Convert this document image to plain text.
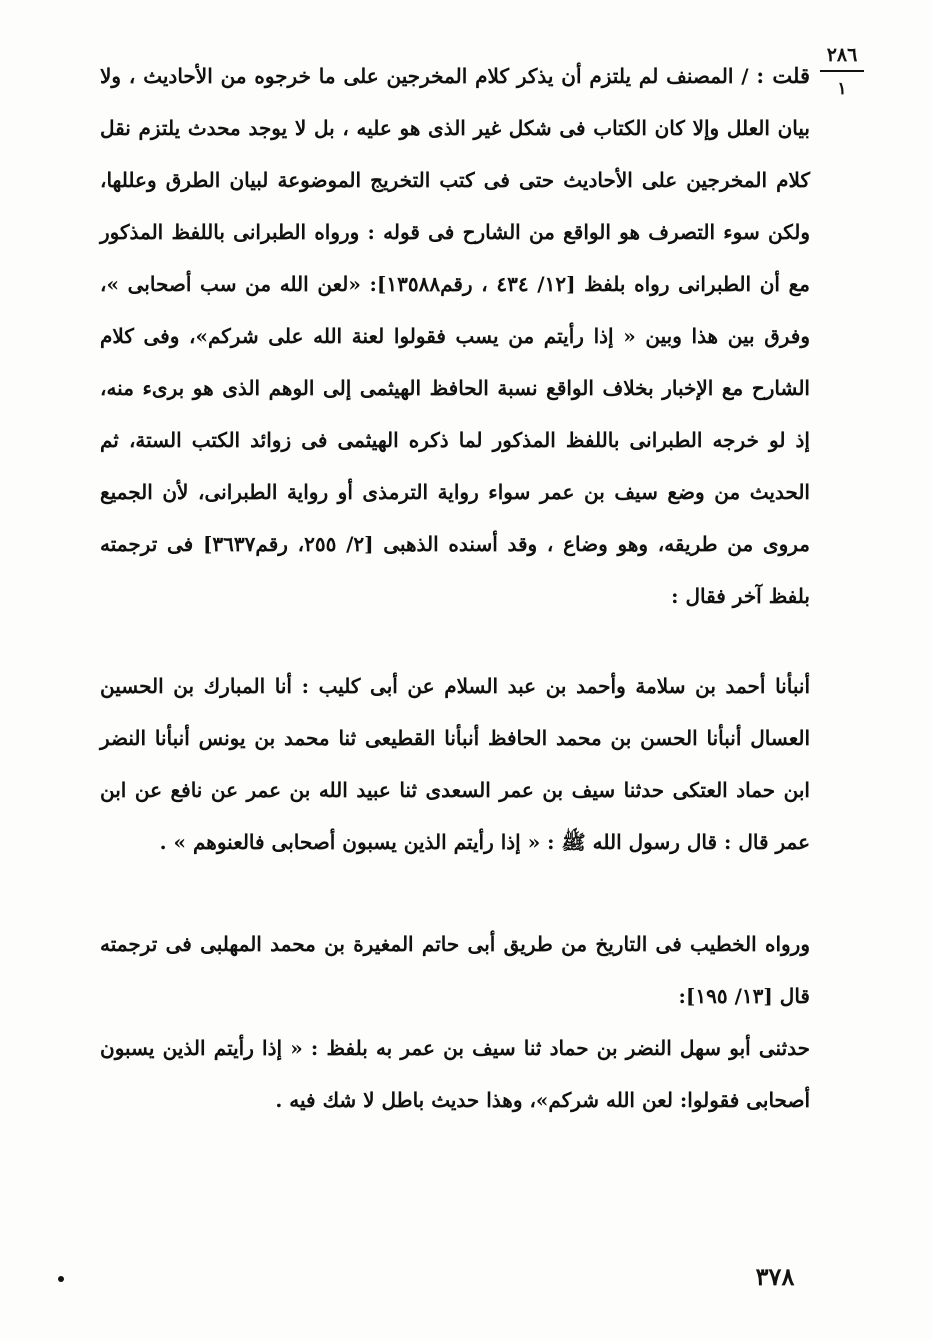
٢٨٦
١
قلت : / المصنف لم يلتزم أن يذكر كلام المخرجين على ما خرجوه من الأحاديث ، ولا بيان العلل وإلا كان الكتاب فى شكل غير الذى هو عليه ، بل لا يوجد محدث يلتزم نقل كلام المخرجين على الأحاديث حتى فى كتب التخريج الموضوعة لبيان الطرق وعللها، ولكن سوء التصرف هو الواقع من الشارح فى قوله : ورواه الطبرانى باللفظ المذكور مع أن الطبرانى رواه بلفظ [١٢/ ٤٣٤ ، رقم١٣٥٨٨]: «لعن الله من سب أصحابى »، وفرق بين هذا وبين « إذا رأيتم من يسب فقولوا لعنة الله على شركم»، وفى كلام الشارح مع الإخبار بخلاف الواقع نسبة الحافظ الهيثمى إلى الوهم الذى هو برىء منه، إذ لو خرجه الطبرانى باللفظ المذكور لما ذكره الهيثمى فى زوائد الكتب الستة، ثم الحديث من وضع سيف بن عمر سواء رواية الترمذى أو رواية الطبرانى، لأن الجميع مروى من طريقه، وهو وضاع ، وقد أسنده الذهبى [٢/ ٢٥٥، رقم٣٦٣٧] فى ترجمته بلفظ آخر فقال :
أنبأنا أحمد بن سلامة وأحمد بن عبد السلام عن أبى كليب : أنا المبارك بن الحسين العسال أنبأنا الحسن بن محمد الحافظ أنبأنا القطيعى ثنا محمد بن يونس أنبأنا النضر ابن حماد العتكى حدثنا سيف بن عمر السعدى ثنا عبيد الله بن عمر عن نافع عن ابن عمر قال : قال رسول الله ﷺ : « إذا رأيتم الذين يسبون أصحابى فالعنوهم » .
ورواه الخطيب فى التاريخ من طريق أبى حاتم المغيرة بن محمد المهلبى فى ترجمته قال [١٣/ ١٩٥]:
حدثنى أبو سهل النضر بن حماد ثنا سيف بن عمر به بلفظ : « إذا رأيتم الذين يسبون أصحابى فقولوا: لعن الله شركم»، وهذا حديث باطل لا شك فيه .
٣٧٨
